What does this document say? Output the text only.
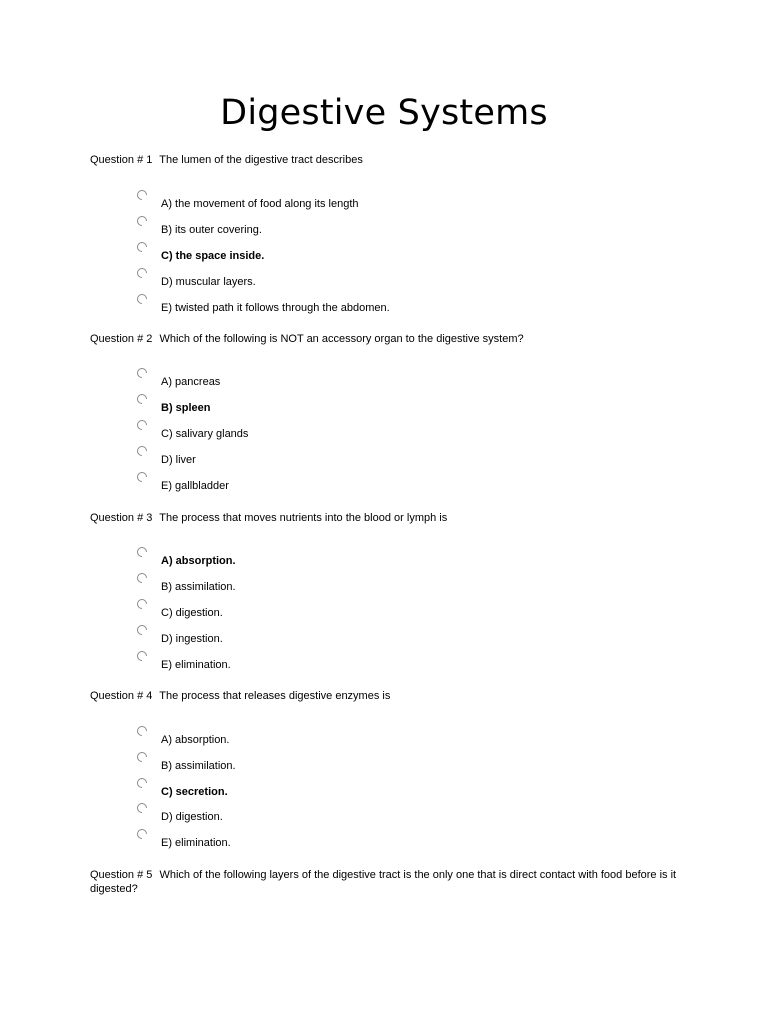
Digestive Systems
Question # 1 The lumen of the digestive tract describes
A) the movement of food along its length
B) its outer covering.
C) the space inside.
D) muscular layers.
E) twisted path it follows through the abdomen.
Question # 2 Which of the following is NOT an accessory organ to the digestive system?
A) pancreas
B) spleen
C) salivary glands
D) liver
E) gallbladder
Question # 3 The process that moves nutrients into the blood or lymph is
A) absorption.
B) assimilation.
C) digestion.
D) ingestion.
E) elimination.
Question # 4 The process that releases digestive enzymes is
A) absorption.
B) assimilation.
C) secretion.
D) digestion.
E) elimination.
Question # 5 Which of the following layers of the digestive tract is the only one that is direct contact with food before is it digested?
